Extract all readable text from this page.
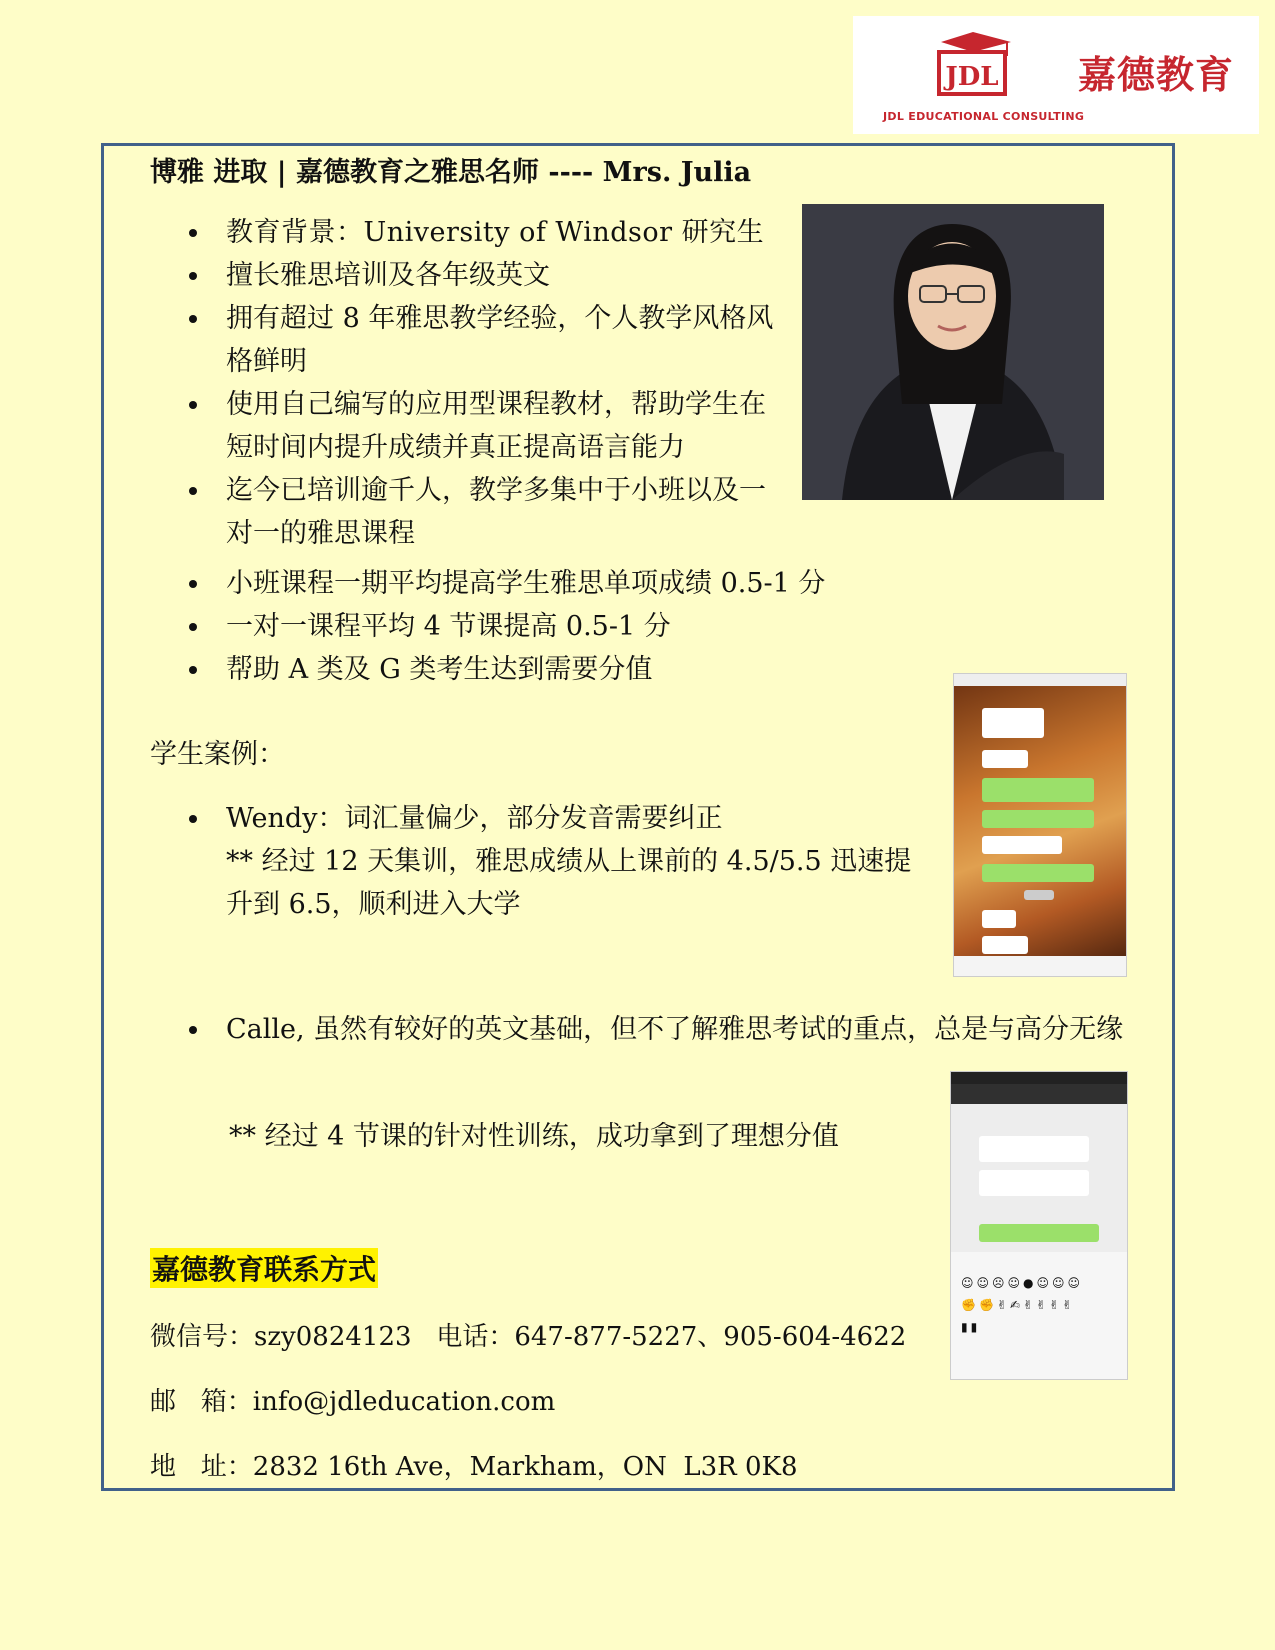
JDL 嘉德教育
JDL EDUCATIONAL CONSULTING
博雅 进取 | 嘉德教育之雅思名师 ---- Mrs. Julia
教育背景：University of Windsor 研究生
擅长雅思培训及各年级英文
拥有超过 8 年雅思教学经验，个人教学风格风格鲜明
使用自己编写的应用型课程教材，帮助学生在短时间内提升成绩并真正提高语言能力
迄今已培训逾千人，教学多集中于小班以及一对一的雅思课程
小班课程一期平均提高学生雅思单项成绩 0.5-1 分
一对一课程平均 4 节课提高 0.5-1 分
帮助 A 类及 G 类考生达到需要分值
学生案例：
Wendy：词汇量偏少，部分发音需要纠正
** 经过 12 天集训，雅思成绩从上课前的 4.5/5.5 迅速提升到 6.5，顺利进入大学
Calle, 虽然有较好的英文基础，但不了解雅思考试的重点，总是与高分无缘
** 经过 4 节课的针对性训练，成功拿到了理想分值
☺☺☹☺●☺☺☺
✊✊✌✍✌✌✌✌
▮▮
嘉德教育联系方式
微信号：szy0824123   电话：647-877-5227、905-604-4622
邮   箱：info@jdleducation.com
地   址：2832 16th Ave，Markham，ON  L3R 0K8
